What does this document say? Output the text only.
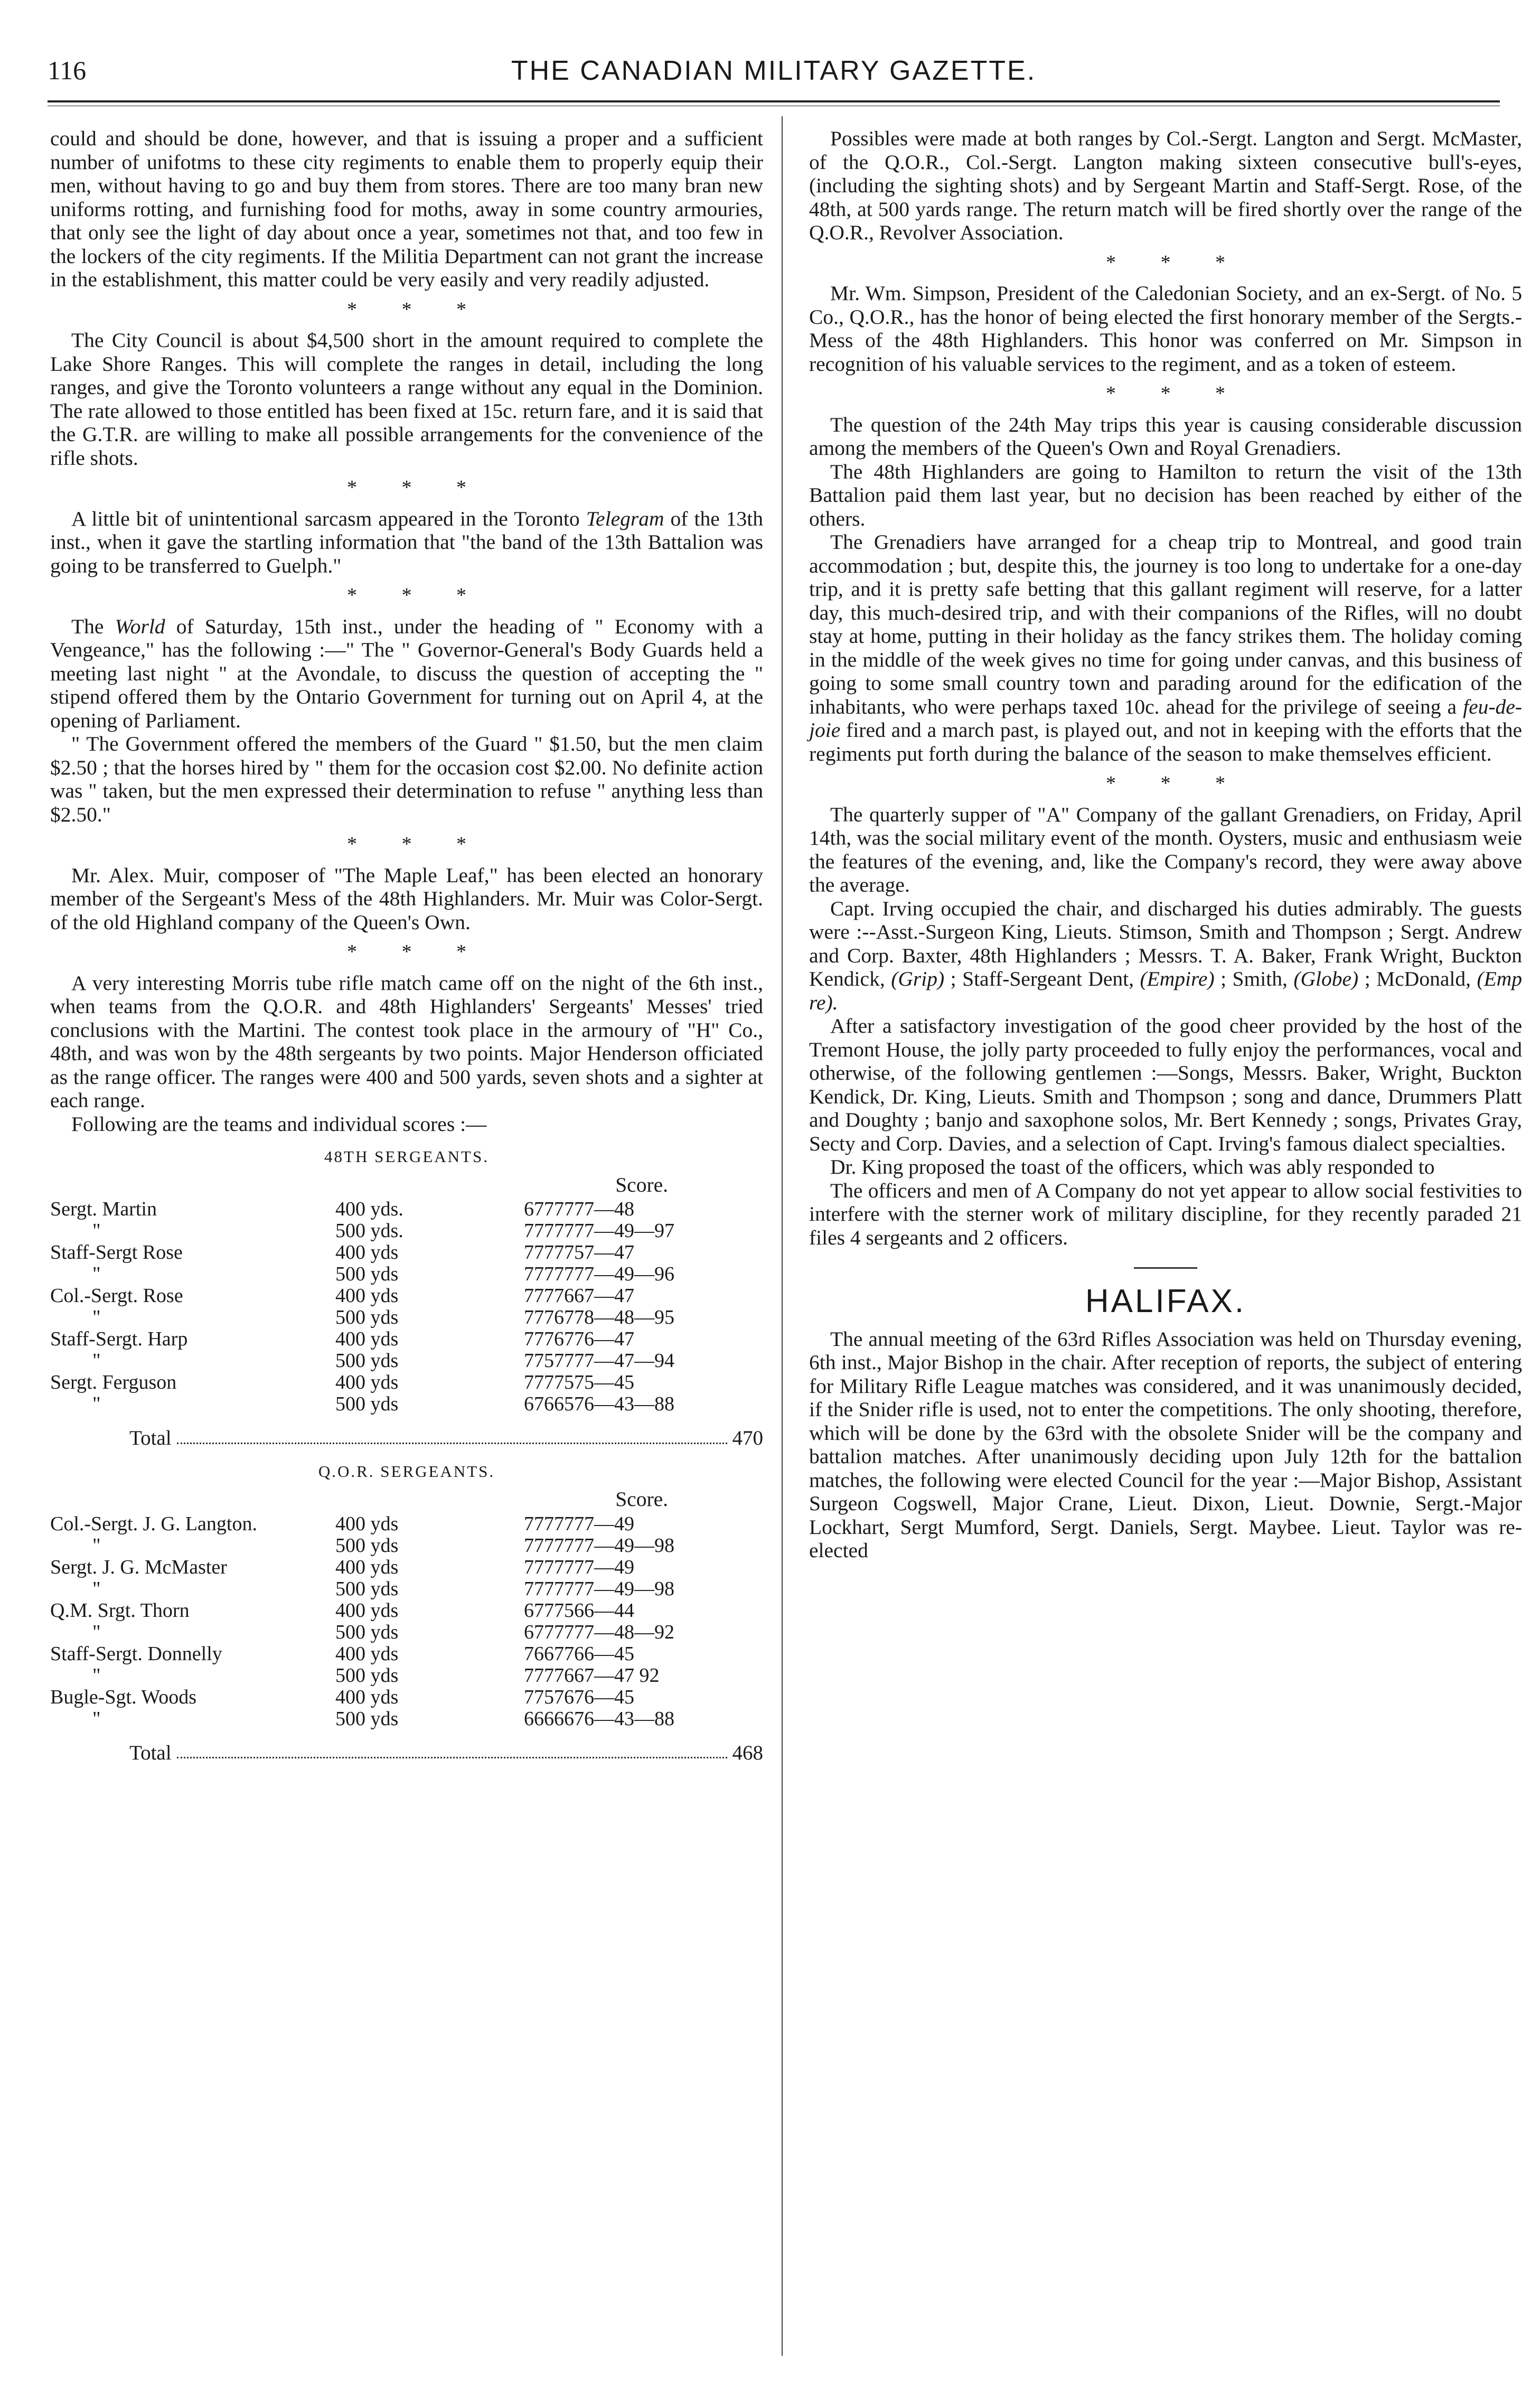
116	THE CANADIAN MILITARY GAZETTE.

could and should be done, however, and that is issuing a proper and a sufficient number of unifotms to these city regiments to enable them to properly equip their men, without having to go and buy them from stores. There are too many bran new uniforms rotting, and furnishing food for moths, away in some country armouries, that only see the light of day about once a year, sometimes not that, and too few in the lockers of the city regiments. If the Militia Department can not grant the increase in the establishment, this matter could be very easily and very readily adjusted.

* * *

The City Council is about $4,500 short in the amount required to complete the Lake Shore Ranges. This will complete the ranges in detail, including the long ranges, and give the Toronto volunteers a range without any equal in the Dominion. The rate allowed to those entitled has been fixed at 15c. return fare, and it is said that the G.T.R. are willing to make all possible arrangements for the convenience of the rifle shots.

* * *

A little bit of unintentional sarcasm appeared in the Toronto Telegram of the 13th inst., when it gave the startling information that "the band of the 13th Battalion was going to be transferred to Guelph."

* * *

The World of Saturday, 15th inst., under the heading of " Economy with a Vengeance," has the following :—" The " Governor-General's Body Guards held a meeting last night " at the Avondale, to discuss the question of accepting the " stipend offered them by the Ontario Government for turning out on April 4, at the opening of Parliament.

" The Government offered the members of the Guard " $1.50, but the men claim $2.50 ; that the horses hired by " them for the occasion cost $2.00. No definite action was " taken, but the men expressed their determination to refuse " anything less than $2.50."

* * *

Mr. Alex. Muir, composer of "The Maple Leaf," has been elected an honorary member of the Sergeant's Mess of the 48th Highlanders. Mr. Muir was Color-Sergt. of the old Highland company of the Queen's Own.

* * *

A very interesting Morris tube rifle match came off on the night of the 6th inst., when teams from the Q.O.R. and 48th Highlanders' Sergeants' Messes' tried conclusions with the Martini. The contest took place in the armoury of "H" Co., 48th, and was won by the 48th sergeants by two points. Major Henderson officiated as the range officer. The ranges were 400 and 500 yards, seven shots and a sighter at each range.

Following are the teams and individual scores :—

48TH SERGEANTS.
Score.
Sergt. Martin	400 yds.	6777777—48
"	500 yds.	7777777—49—97
Staff-Sergt Rose	400 yds	7777757—47
"	500 yds	7777777—49—96
Col.-Sergt. Rose	400 yds	7777667—47
"	500 yds	7776778—48—95
Staff-Sergt. Harp	400 yds	7776776—47
"	500 yds	7757777—47—94
Sergt. Ferguson	400 yds	7777575—45
"	500 yds	6766576—43—88
Total	470
Q.O.R. SERGEANTS.
Score.
Col.-Sergt. J. G. Langton.	400 yds	7777777—49
"	500 yds	7777777—49—98
Sergt. J. G. McMaster	400 yds	7777777—49
"	500 yds	7777777—49—98
Q.M. Srgt. Thorn	400 yds	6777566—44
"	500 yds	6777777—48—92
Staff-Sergt. Donnelly	400 yds	7667766—45
"	500 yds	7777667—47 92
Bugle-Sgt. Woods	400 yds	7757676—45
"	500 yds	6666676—43—88
Total	468

Possibles were made at both ranges by Col.-Sergt. Langton and Sergt. McMaster, of the Q.O.R., Col.-Sergt. Langton making sixteen consecutive bull's-eyes, (including the sighting shots) and by Sergeant Martin and Staff-Sergt. Rose, of the 48th, at 500 yards range. The return match will be fired shortly over the range of the Q.O.R., Revolver Association.

* * *

Mr. Wm. Simpson, President of the Caledonian Society, and an ex-Sergt. of No. 5 Co., Q.O.R., has the honor of being elected the first honorary member of the Sergts.-Mess of the 48th Highlanders. This honor was conferred on Mr. Simpson in recognition of his valuable services to the regiment, and as a token of esteem.

* * *

The question of the 24th May trips this year is causing considerable discussion among the members of the Queen's Own and Royal Grenadiers.

The 48th Highlanders are going to Hamilton to return the visit of the 13th Battalion paid them last year, but no decision has been reached by either of the others.

The Grenadiers have arranged for a cheap trip to Montreal, and good train accommodation ; but, despite this, the journey is too long to undertake for a one-day trip, and it is pretty safe betting that this gallant regiment will reserve, for a latter day, this much-desired trip, and with their companions of the Rifles, will no doubt stay at home, putting in their holiday as the fancy strikes them. The holiday coming in the middle of the week gives no time for going under canvas, and this business of going to some small country town and parading around for the edification of the inhabitants, who were perhaps taxed 10c. ahead for the privilege of seeing a feu-de-joie fired and a march past, is played out, and not in keeping with the efforts that the regiments put forth during the balance of the season to make themselves efficient.

* * *

The quarterly supper of "A" Company of the gallant Grenadiers, on Friday, April 14th, was the social military event of the month. Oysters, music and enthusiasm weie the features of the evening, and, like the Company's record, they were away above the average.

Capt. Irving occupied the chair, and discharged his duties admirably. The guests were :--Asst.-Surgeon King, Lieuts. Stimson, Smith and Thompson ; Sergt. Andrew and Corp. Baxter, 48th Highlanders ; Messrs. T. A. Baker, Frank Wright, Buckton Kendick, (Grip) ; Staff-Sergeant Dent, (Empire) ; Smith, (Globe) ; McDonald, (Emp re).

After a satisfactory investigation of the good cheer provided by the host of the Tremont House, the jolly party proceeded to fully enjoy the performances, vocal and otherwise, of the following gentlemen :—Songs, Messrs. Baker, Wright, Buckton Kendick, Dr. King, Lieuts. Smith and Thompson ; song and dance, Drummers Platt and Doughty ; banjo and saxophone solos, Mr. Bert Kennedy ; songs, Privates Gray, Secty and Corp. Davies, and a selection of Capt. Irving's famous dialect specialties.

Dr. King proposed the toast of the officers, which was ably responded to

The officers and men of A Company do not yet appear to allow social festivities to interfere with the sterner work of military discipline, for they recently paraded 21 files 4 sergeants and 2 officers.

HALIFAX.

The annual meeting of the 63rd Rifles Association was held on Thursday evening, 6th inst., Major Bishop in the chair. After reception of reports, the subject of entering for Military Rifle League matches was considered, and it was unanimously decided, if the Snider rifle is used, not to enter the competitions. The only shooting, therefore, which will be done by the 63rd with the obsolete Snider will be the company and battalion matches. After unanimously deciding upon July 12th for the battalion matches, the following were elected Council for the year :—Major Bishop, Assistant Surgeon Cogswell, Major Crane, Lieut. Dixon, Lieut. Downie, Sergt.-Major Lockhart, Sergt Mumford, Sergt. Daniels, Sergt. Maybee. Lieut. Taylor was re-elected
